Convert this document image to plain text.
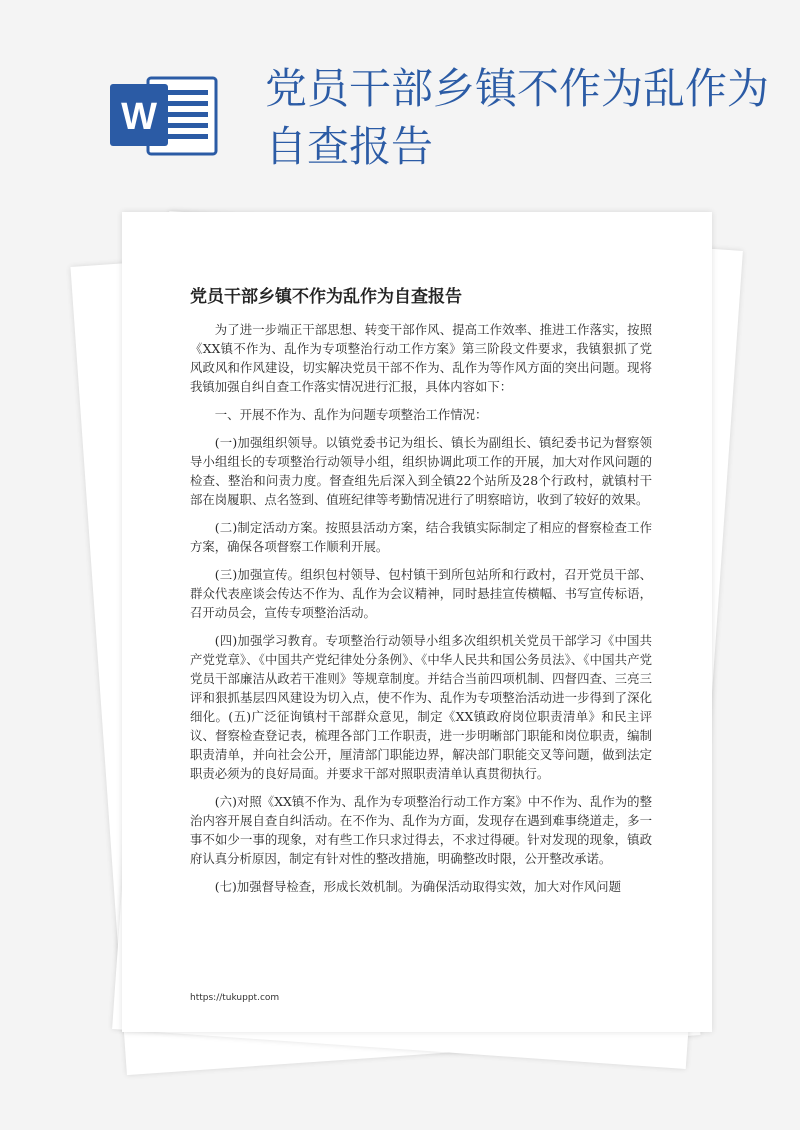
W
党员干部乡镇不作为乱作为自查报告
党员干部乡镇不作为乱作为自查报告

为了进一步端正干部思想、转变干部作风、提高工作效率、推进工作落实，按照《XX镇不作为、乱作为专项整治行动工作方案》第三阶段文件要求，我镇狠抓了党风政风和作风建设，切实解决党员干部不作为、乱作为等作风方面的突出问题。现将我镇加强自纠自查工作落实情况进行汇报，具体内容如下：

一、开展不作为、乱作为问题专项整治工作情况：

(一)加强组织领导。以镇党委书记为组长、镇长为副组长、镇纪委书记为督察领导小组组长的专项整治行动领导小组，组织协调此项工作的开展，加大对作风问题的检查、整治和问责力度。督查组先后深入到全镇22个站所及28个行政村，就镇村干部在岗履职、点名签到、值班纪律等考勤情况进行了明察暗访，收到了较好的效果。

(二)制定活动方案。按照县活动方案，结合我镇实际制定了相应的督察检查工作方案，确保各项督察工作顺利开展。

(三)加强宣传。组织包村领导、包村镇干到所包站所和行政村，召开党员干部、群众代表座谈会传达不作为、乱作为会议精神，同时悬挂宣传横幅、书写宣传标语，召开动员会，宣传专项整治活动。

(四)加强学习教育。专项整治行动领导小组多次组织机关党员干部学习《中国共产党党章》、《中国共产党纪律处分条例》、《中华人民共和国公务员法》、《中国共产党党员干部廉洁从政若干准则》等规章制度。并结合当前四项机制、四督四查、三亮三评和狠抓基层四风建设为切入点，使不作为、乱作为专项整治活动进一步得到了深化细化。(五)广泛征询镇村干部群众意见，制定《XX镇政府岗位职责清单》和民主评议、督察检查登记表，梳理各部门工作职责，进一步明晰部门职能和岗位职责，编制职责清单，并向社会公开，厘清部门职能边界，解决部门职能交叉等问题，做到法定职责必须为的良好局面。并要求干部对照职责清单认真贯彻执行。

(六)对照《XX镇不作为、乱作为专项整治行动工作方案》中不作为、乱作为的整治内容开展自查自纠活动。在不作为、乱作为方面，发现存在遇到难事绕道走，多一事不如少一事的现象，对有些工作只求过得去，不求过得硬。针对发现的现象，镇政府认真分析原因，制定有针对性的整改措施，明确整改时限，公开整改承诺。

(七)加强督导检查，形成长效机制。为确保活动取得实效，加大对作风问题

https://tukuppt.com
